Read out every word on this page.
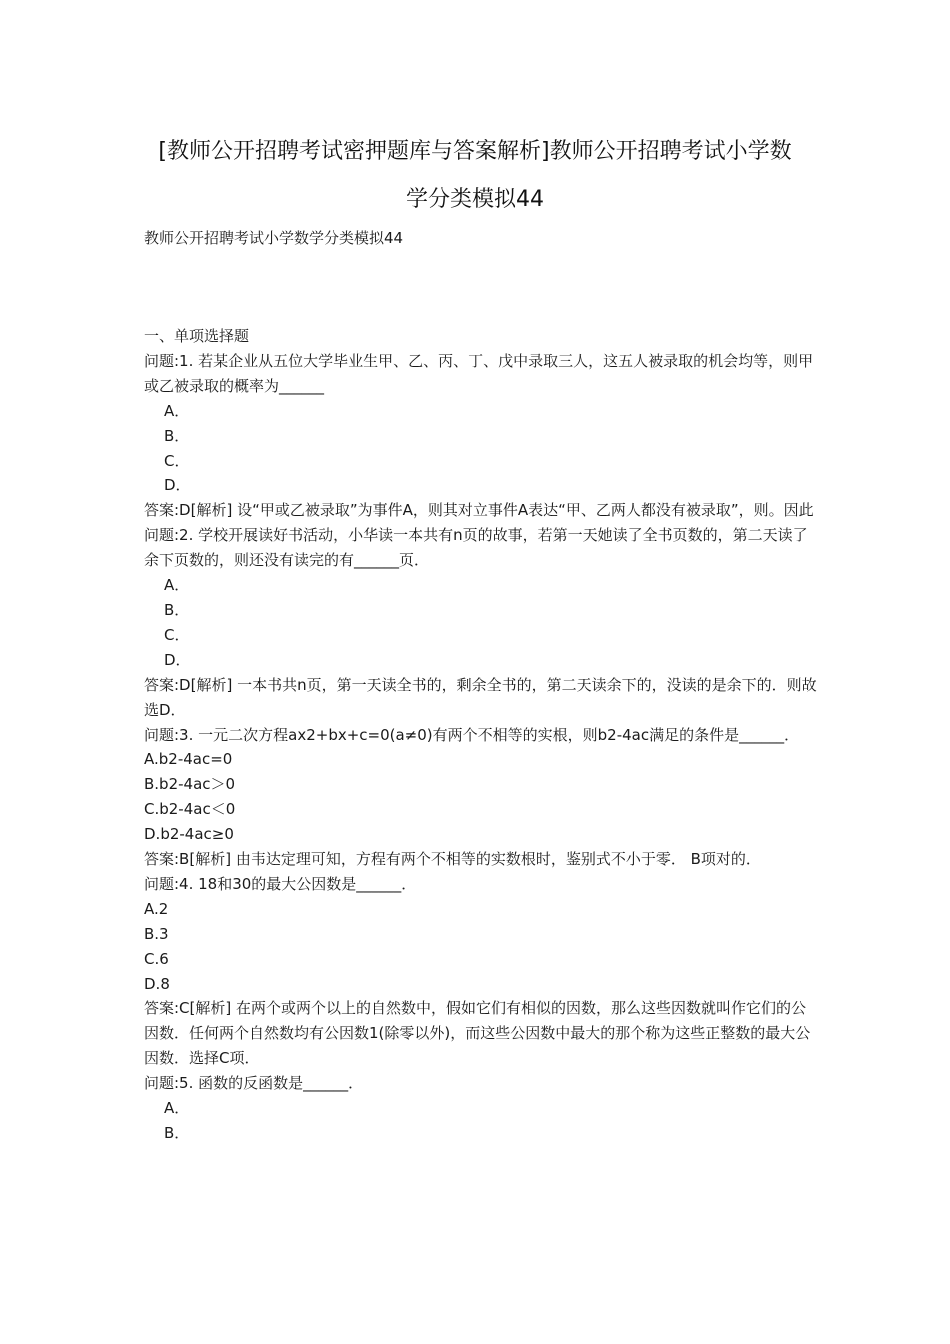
[教师公开招聘考试密押题库与答案解析]教师公开招聘考试小学数
学分类模拟44
教师公开招聘考试小学数学分类模拟44
一、单项选择题
问题:1. 若某企业从五位大学毕业生甲、乙、丙、丁、戊中录取三人，这五人被录取的机会均等，则甲或乙被录取的概率为______
A．
B．
C．
D．
答案:D[解析] 设“甲或乙被录取”为事件A，则其对立事件A表达“甲、乙两人都没有被录取”，则。因此
问题:2. 学校开展读好书活动，小华读一本共有n页的故事，若第一天她读了全书页数的，第二天读了余下页数的，则还没有读完的有______页．
A．
B．
C．
D．
答案:D[解析] 一本书共n页，第一天读全书的，剩余全书的，第二天读余下的，没读的是余下的．则故选D．
问题:3. 一元二次方程ax2+bx+c=0(a≠0)有两个不相等的实根，则b2-4ac满足的条件是______．
A.b2-4ac=0
B.b2-4ac＞0
C.b2-4ac＜0
D.b2-4ac≥0
答案:B[解析] 由韦达定理可知，方程有两个不相等的实数根时，鉴别式不小于零． B项对的．
问题:4. 18和30的最大公因数是______．
A.2
B.3
C.6
D.8
答案:C[解析] 在两个或两个以上的自然数中，假如它们有相似的因数，那么这些因数就叫作它们的公因数．任何两个自然数均有公因数1(除零以外)，而这些公因数中最大的那个称为这些正整数的最大公因数．选择C项．
问题:5. 函数的反函数是______．
A．
B．
